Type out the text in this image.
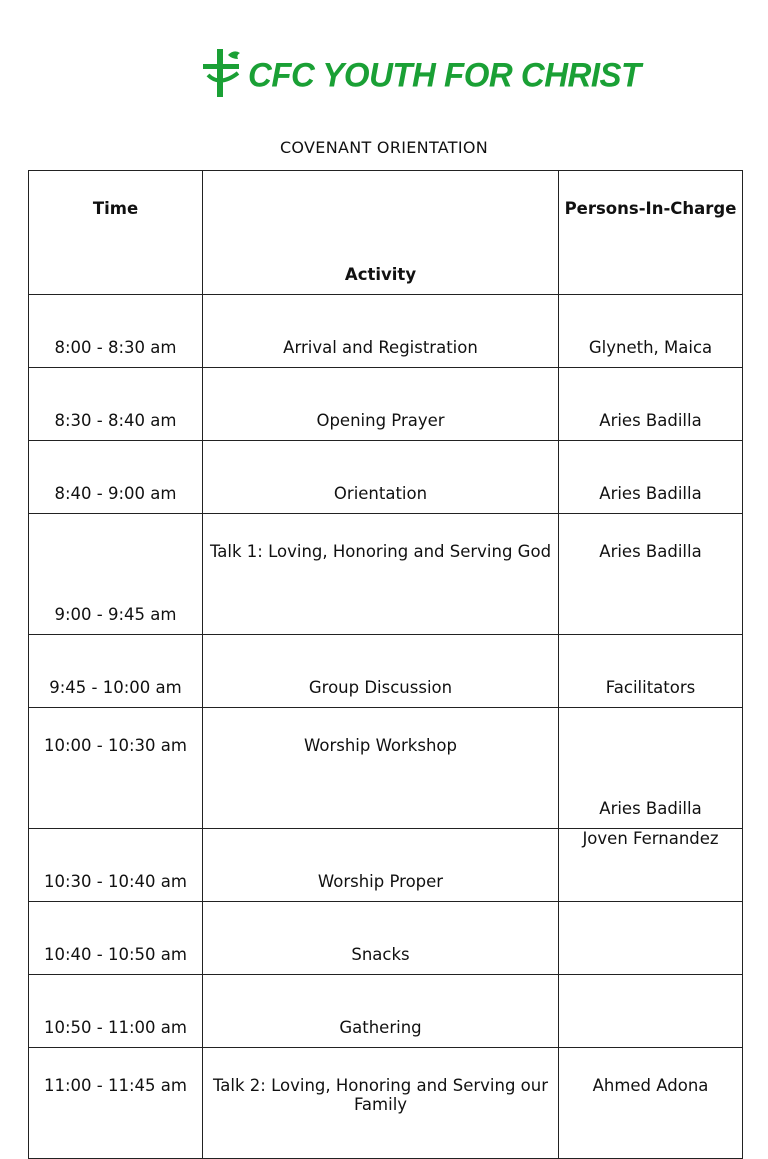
CFC YOUTH FOR CHRIST
COVENANT ORIENTATION
Time	Activity	Persons-In-Charge
8:00 - 8:30 am	Arrival and Registration	Glyneth, Maica
8:30 - 8:40 am	Opening Prayer	Aries Badilla
8:40 - 9:00 am	Orientation	Aries Badilla
9:00 - 9:45 am	Talk 1: Loving, Honoring and Serving God	Aries Badilla
9:45 - 10:00 am	Group Discussion	Facilitators
10:00 - 10:30 am	Worship Workshop	Aries Badilla
10:30 - 10:40 am	Worship Proper	Joven Fernandez
10:40 - 10:50 am	Snacks	
10:50 - 11:00 am	Gathering	
11:00 - 11:45 am	Talk 2: Loving, Honoring and Serving our Family	Ahmed Adona
